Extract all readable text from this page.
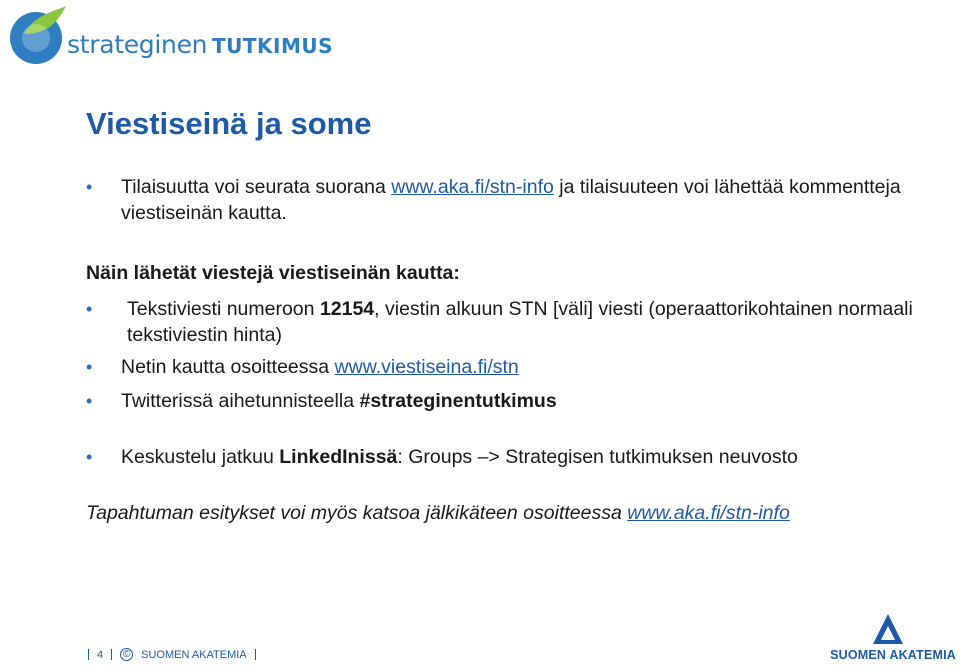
strateginen TUTKIMUS
Viestiseinä ja some
• Tilaisuutta voi seurata suorana www.aka.fi/stn-info ja tilaisuuteen voi lähettää kommentteja viestiseinän kautta.
Näin lähetät viestejä viestiseinän kautta:
• Tekstiviesti numeroon 12154, viestin alkuun STN [väli] viesti (operaattorikohtainen normaali tekstiviestin hinta)
• Netin kautta osoitteessa www.viestiseina.fi/stn
• Twitterissä aihetunnisteella #strateginentutkimus
• Keskustelu jatkuu LinkedInissä: Groups –> Strategisen tutkimuksen neuvosto
Tapahtuman esitykset voi myös katsoa jälkikäteen osoitteessa www.aka.fi/stn-info
4 © SUOMEN AKATEMIA	SUOMEN AKATEMIA
